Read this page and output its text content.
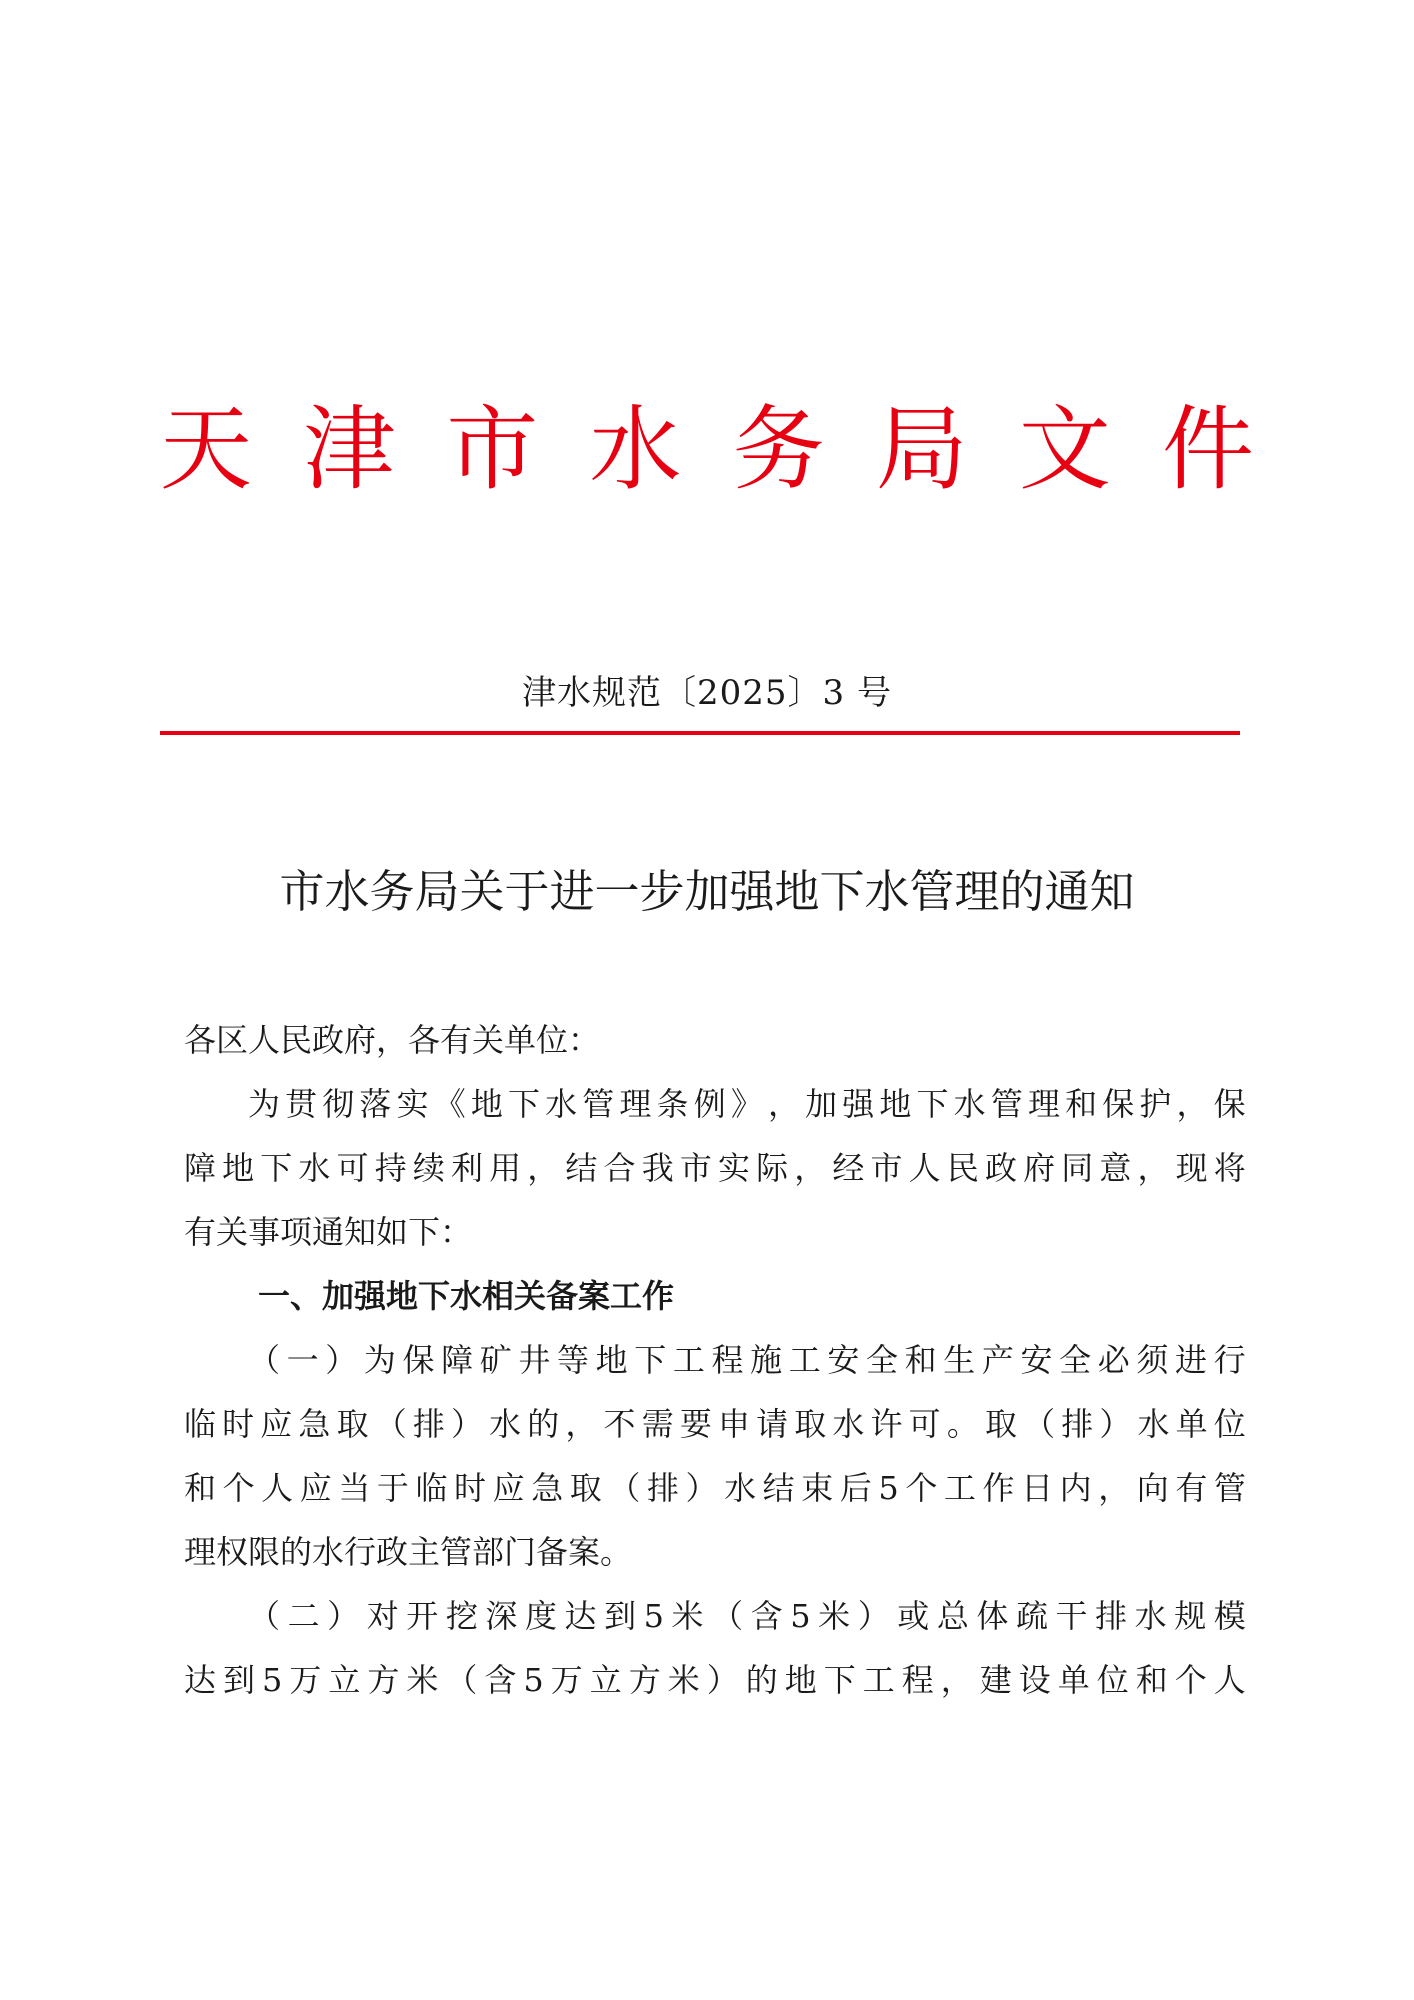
天 津 市 水 务 局 文 件
津水规范〔2025〕3 号
市水务局关于进一步加强地下水管理的通知
各区人民政府，各有关单位：
为 贯 彻 落 实 《 地 下 水 管 理 条 例 》 ， 加 强 地 下 水 管 理 和 保 护 ， 保
障 地 下 水 可 持 续 利 用 ， 结 合 我 市 实 际 ， 经 市 人 民 政 府 同 意 ， 现 将
有关事项通知如下：
一、加强地下水相关备案工作
（ 一 ） 为 保 障 矿 井 等 地 下 工 程 施 工 安 全 和 生 产 安 全 必 须 进 行
临 时 应 急 取 （ 排 ） 水 的 ， 不 需 要 申 请 取 水 许 可 。 取 （ 排 ） 水 单 位
和 个 人 应 当 于 临 时 应 急 取 （ 排 ） 水 结 束 后 5 个 工 作 日 内 ， 向 有 管
理权限的水行政主管部门备案。
（ 二 ） 对 开 挖 深 度 达 到 5 米 （ 含 5 米 ） 或 总 体 疏 干 排 水 规 模
达 到 5 万 立 方 米 （ 含 5 万 立 方 米 ） 的 地 下 工 程 ， 建 设 单 位 和 个 人
